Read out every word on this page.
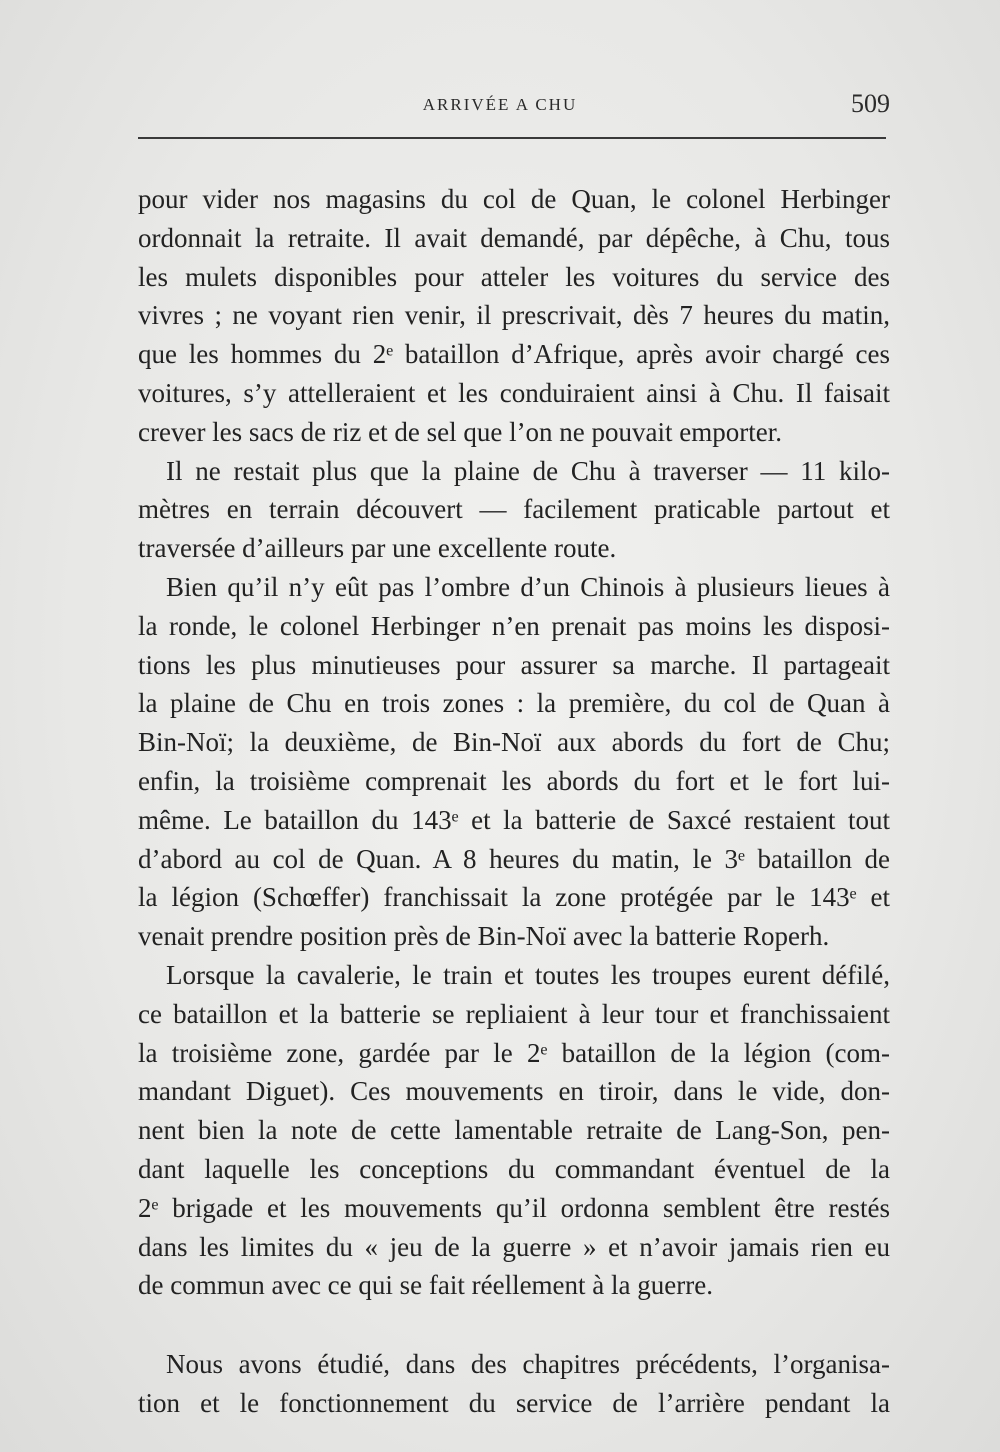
ARRIVÉE A CHU	509
pour vider nos magasins du col de Quan, le colonel Herbinger
ordonnait la retraite. Il avait demandé, par dépêche, à Chu, tous
les mulets disponibles pour atteler les voitures du service des
vivres ; ne voyant rien venir, il prescrivait, dès 7 heures du matin,
que les hommes du 2ᵉ bataillon d’Afrique, après avoir chargé ces
voitures, s’y attelleraient et les conduiraient ainsi à Chu. Il faisait
crever les sacs de riz et de sel que l’on ne pouvait emporter.
Il ne restait plus que la plaine de Chu à traverser — 11 kilo-
mètres en terrain découvert — facilement praticable partout et
traversée d’ailleurs par une excellente route.
Bien qu’il n’y eût pas l’ombre d’un Chinois à plusieurs lieues à
la ronde, le colonel Herbinger n’en prenait pas moins les disposi-
tions les plus minutieuses pour assurer sa marche. Il partageait
la plaine de Chu en trois zones : la première, du col de Quan à
Bin-Noï; la deuxième, de Bin-Noï aux abords du fort de Chu;
enfin, la troisième comprenait les abords du fort et le fort lui-
même. Le bataillon du 143ᵉ et la batterie de Saxcé restaient tout
d’abord au col de Quan. A 8 heures du matin, le 3ᵉ bataillon de
la légion (Schœffer) franchissait la zone protégée par le 143ᵉ et
venait prendre position près de Bin-Noï avec la batterie Roperh.
Lorsque la cavalerie, le train et toutes les troupes eurent défilé,
ce bataillon et la batterie se repliaient à leur tour et franchissaient
la troisième zone, gardée par le 2ᵉ bataillon de la légion (com-
mandant Diguet). Ces mouvements en tiroir, dans le vide, don-
nent bien la note de cette lamentable retraite de Lang-Son, pen-
dant laquelle les conceptions du commandant éventuel de la
2ᵉ brigade et les mouvements qu’il ordonna semblent être restés
dans les limites du « jeu de la guerre » et n’avoir jamais rien eu
de commun avec ce qui se fait réellement à la guerre.
Nous avons étudié, dans des chapitres précédents, l’organisa-
tion et le fonctionnement du service de l’arrière pendant la
